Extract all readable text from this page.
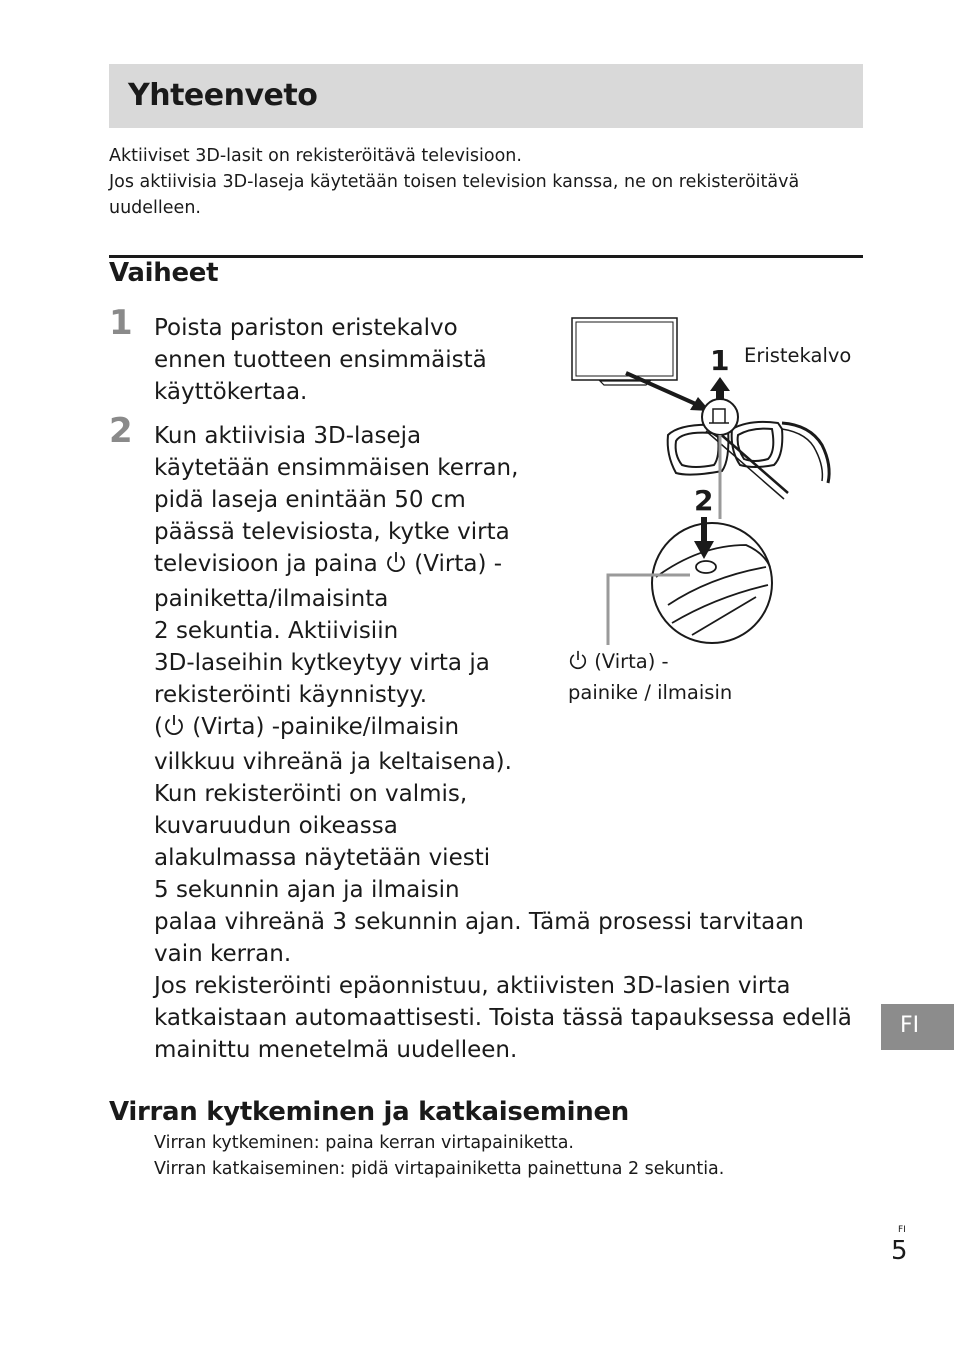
Yhteenveto
Aktiiviset 3D-lasit on rekisteröitävä televisioon.
Jos aktiivisia 3D-laseja käytetään toisen television kanssa, ne on rekisteröitävä
uudelleen.
Vaiheet
1 Poista pariston eristekalvo
ennen tuotteen ensimmäistä
käyttökertaa.
2 Kun aktiivisia 3D-laseja
käytetään ensimmäisen kerran,
pidä laseja enintään 50 cm
päässä televisiosta, kytke virta
televisioon ja paina (Virta) -
painiketta/ilmaisinta
2 sekuntia. Aktiivisiin
3D-laseihin kytkeytyy virta ja
rekisteröinti käynnistyy.
( (Virta) -painike/ilmaisin
vilkkuu vihreänä ja keltaisena).
Kun rekisteröinti on valmis,
kuvaruudun oikeassa
alakulmassa näytetään viesti
5 sekunnin ajan ja ilmaisin
palaa vihreänä 3 sekunnin ajan. Tämä prosessi tarvitaan
vain kerran.
Jos rekisteröinti epäonnistuu, aktiivisten 3D-lasien virta
katkaistaan automaattisesti. Toista tässä tapauksessa edellä
mainittu menetelmä uudelleen.
1
2
Eristekalvo
(Virta) -
painike / ilmaisin
FI
Virran kytkeminen ja katkaiseminen
Virran kytkeminen: paina kerran virtapainiketta.
Virran katkaiseminen: pidä virtapainiketta painettuna 2 sekuntia.
FI
5
